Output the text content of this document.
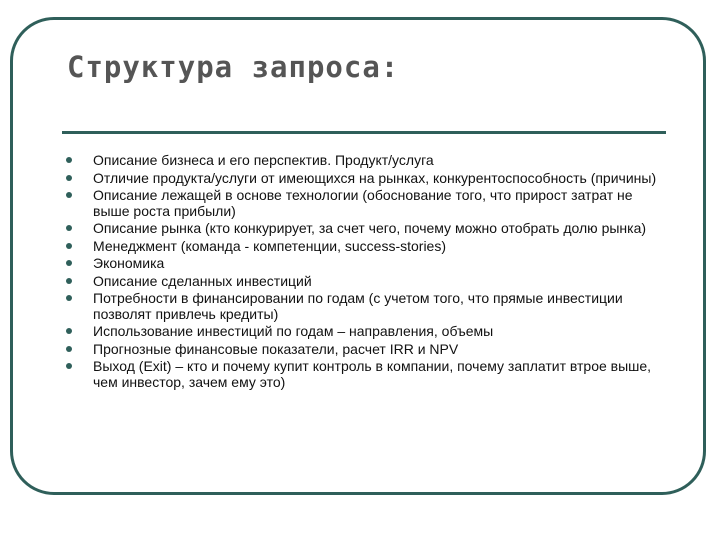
Структура запроса:
Описание бизнеса и его перспектив. Продукт/услуга
Отличие продукта/услуги от имеющихся на рынках, конкурентоспособность (причины)
Описание лежащей в основе технологии (обоснование того, что прирост затрат не выше роста прибыли)
Описание рынка (кто конкурирует, за счет чего, почему можно отобрать долю рынка)
Менеджмент (команда - компетенции, success-stories)
Экономика
Описание сделанных инвестиций
Потребности в финансировании по годам (с учетом того, что прямые инвестиции позволят привлечь кредиты)
Использование инвестиций по годам – направления, объемы
Прогнозные финансовые показатели, расчет IRR и NPV
Выход (Exit) – кто и почему купит контроль в компании, почему заплатит втрое выше, чем инвестор, зачем ему это)
